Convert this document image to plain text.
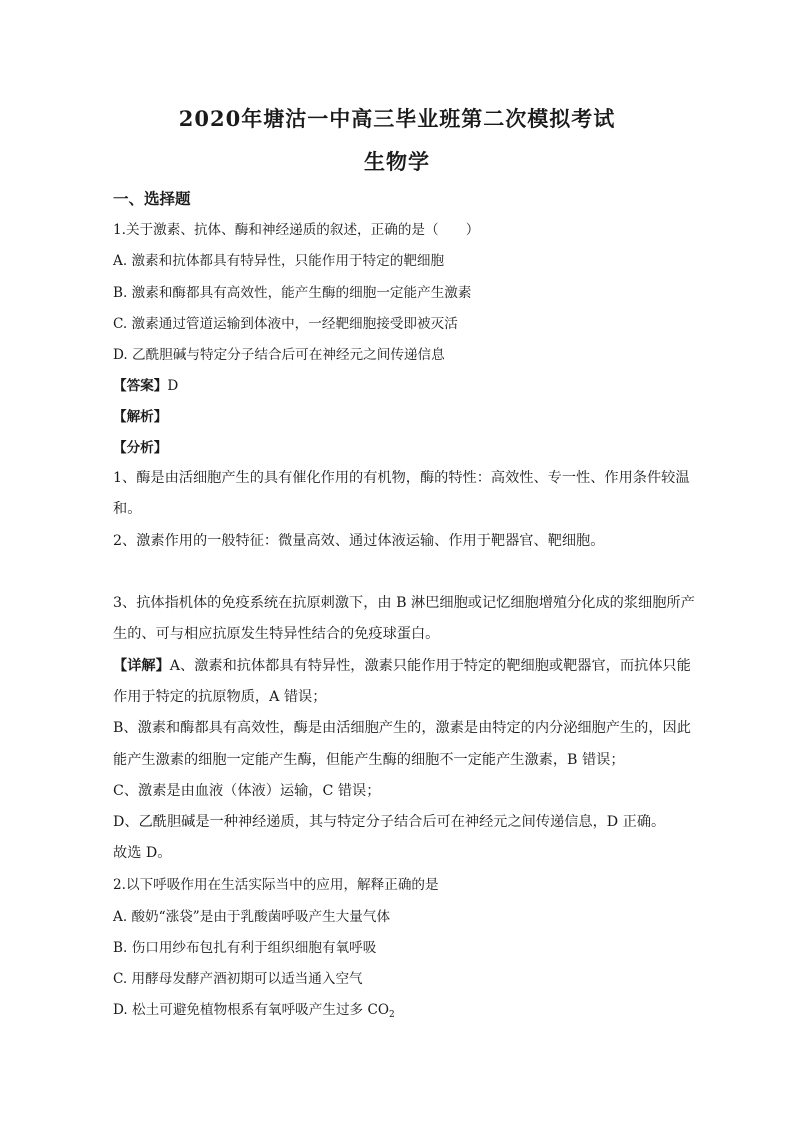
2020年塘沽一中高三毕业班第二次模拟考试
生物学
一、选择题
1.关于激素、抗体、酶和神经递质的叙述，正确的是（　　）
A. 激素和抗体都具有特异性，只能作用于特定的靶细胞
B. 激素和酶都具有高效性，能产生酶的细胞一定能产生激素
C. 激素通过管道运输到体液中，一经靶细胞接受即被灭活
D. 乙酰胆碱与特定分子结合后可在神经元之间传递信息
【答案】D
【解析】
【分析】
1、酶是由活细胞产生的具有催化作用的有机物，酶的特性：高效性、专一性、作用条件较温
和。
2、激素作用的一般特征：微量高效、通过体液运输、作用于靶器官、靶细胞。
3、抗体指机体的免疫系统在抗原刺激下，由 B 淋巴细胞或记忆细胞增殖分化成的浆细胞所产
生的、可与相应抗原发生特异性结合的免疫球蛋白。
【详解】A、激素和抗体都具有特异性，激素只能作用于特定的靶细胞或靶器官，而抗体只能
作用于特定的抗原物质，A 错误；
B、激素和酶都具有高效性，酶是由活细胞产生的，激素是由特定的内分泌细胞产生的，因此
能产生激素的细胞一定能产生酶，但能产生酶的细胞不一定能产生激素，B 错误；
C、激素是由血液（体液）运输，C 错误；
D、乙酰胆碱是一种神经递质，其与特定分子结合后可在神经元之间传递信息，D 正确。
故选 D。
2.以下呼吸作用在生活实际当中的应用，解释正确的是
A. 酸奶“涨袋”是由于乳酸菌呼吸产生大量气体
B. 伤口用纱布包扎有利于组织细胞有氧呼吸
C. 用酵母发酵产酒初期可以适当通入空气
D. 松土可避免植物根系有氧呼吸产生过多 $CO_2$
